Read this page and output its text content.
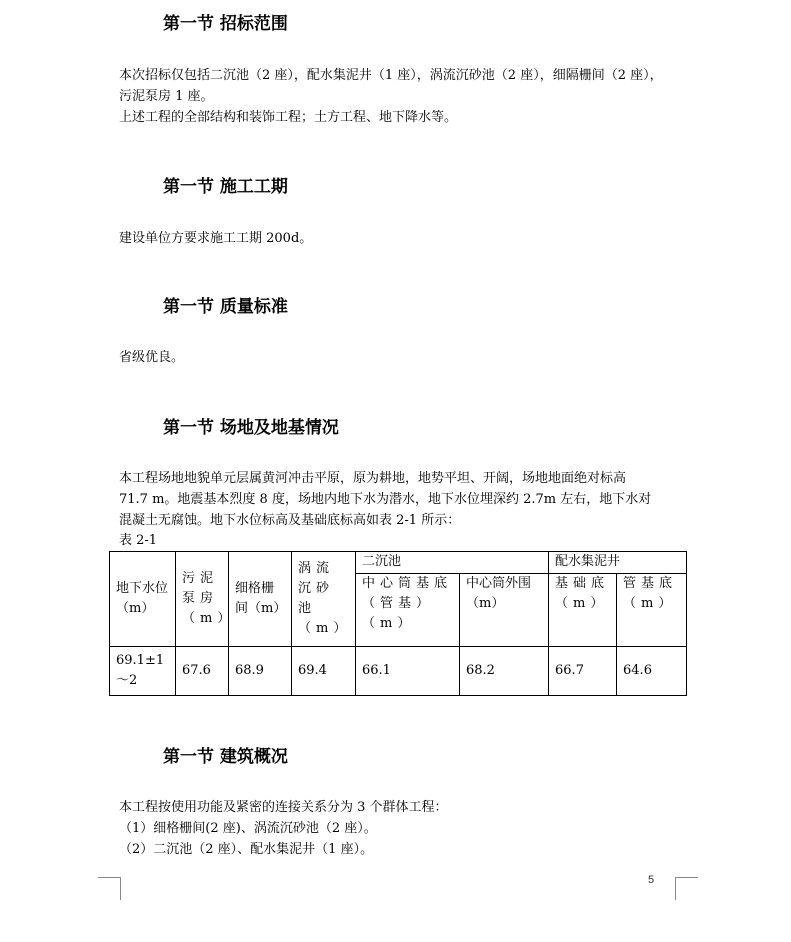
第一节 招标范围

本次招标仅包括二沉池（2 座），配水集泥井（1 座），涡流沉砂池（2 座），细隔栅间（2 座），

污泥泵房 1 座。

上述工程的全部结构和装饰工程；土方工程、地下降水等。

第一节 施工工期

建设单位方要求施工工期 200d。

第一节 质量标准

省级优良。

第一节 场地及地基情况

本工程场地地貌单元层属黄河冲击平原，原为耕地，地势平坦、开阔，场地地面绝对标高

71.7 m。地震基本烈度 8 度，场地内地下水为潜水，地下水位埋深约 2.7m 左右，地下水对

混凝土无腐蚀。地下水位标高及基础底标高如表 2-1 所示：

表 2-1
地下水位（m）	污泥泵房（m）	细格栅间（m）	涡流沉砂池（m）	二沉池		配水集泥井	
				中心筒基底（管基）（m）	中心筒外围（m）	基础底（m）	管基底（m）
69.1±1～2	67.6	68.9	69.4	66.1	68.2	66.7	64.6
第一节 建筑概况

本工程按使用功能及紧密的连接关系分为 3 个群体工程：

（1）细格栅间(2 座)、涡流沉砂池（2 座）。

（2）二沉池（2 座）、配水集泥井（1 座）。

5
